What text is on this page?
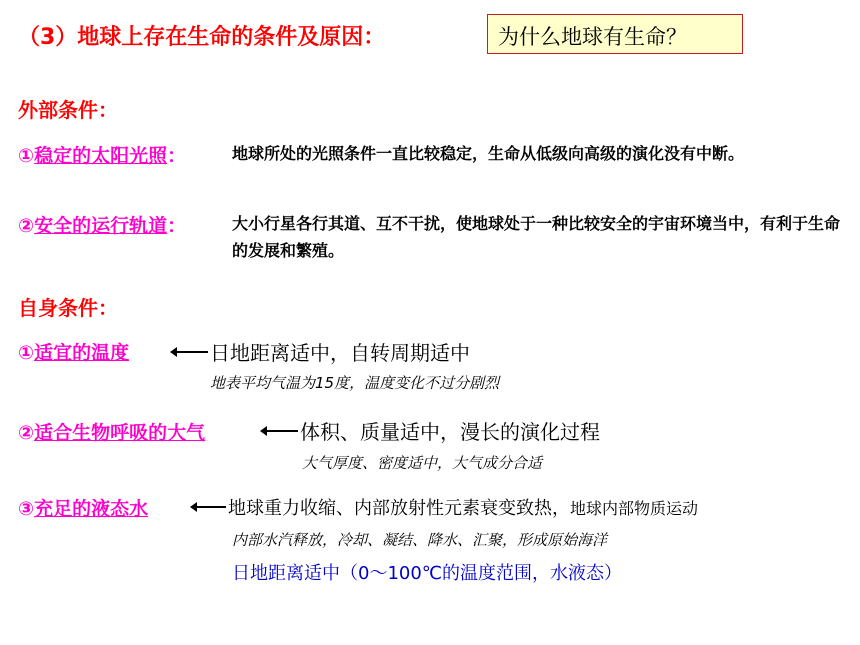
（3）地球上存在生命的条件及原因：	为什么地球有生命？
外部条件：
①稳定的太阳光照：	地球所处的光照条件一直比较稳定，生命从低级向高级的演化没有中断。
②安全的运行轨道：	大小行星各行其道、互不干扰，使地球处于一种比较安全的宇宙环境当中，有利于生命的发展和繁殖。
自身条件：
①适宜的温度	日地距离适中，自转周期适中
地表平均气温为15度，温度变化不过分剧烈
②适合生物呼吸的大气	体积、质量适中，漫长的演化过程
大气厚度、密度适中，大气成分合适
③充足的液态水	地球重力收缩、内部放射性元素衰变致热， 地球内部物质运动
内部水汽释放，冷却、凝结、降水、汇聚，形成原始海洋
日地距离适中（0～100℃的温度范围，水液态）
